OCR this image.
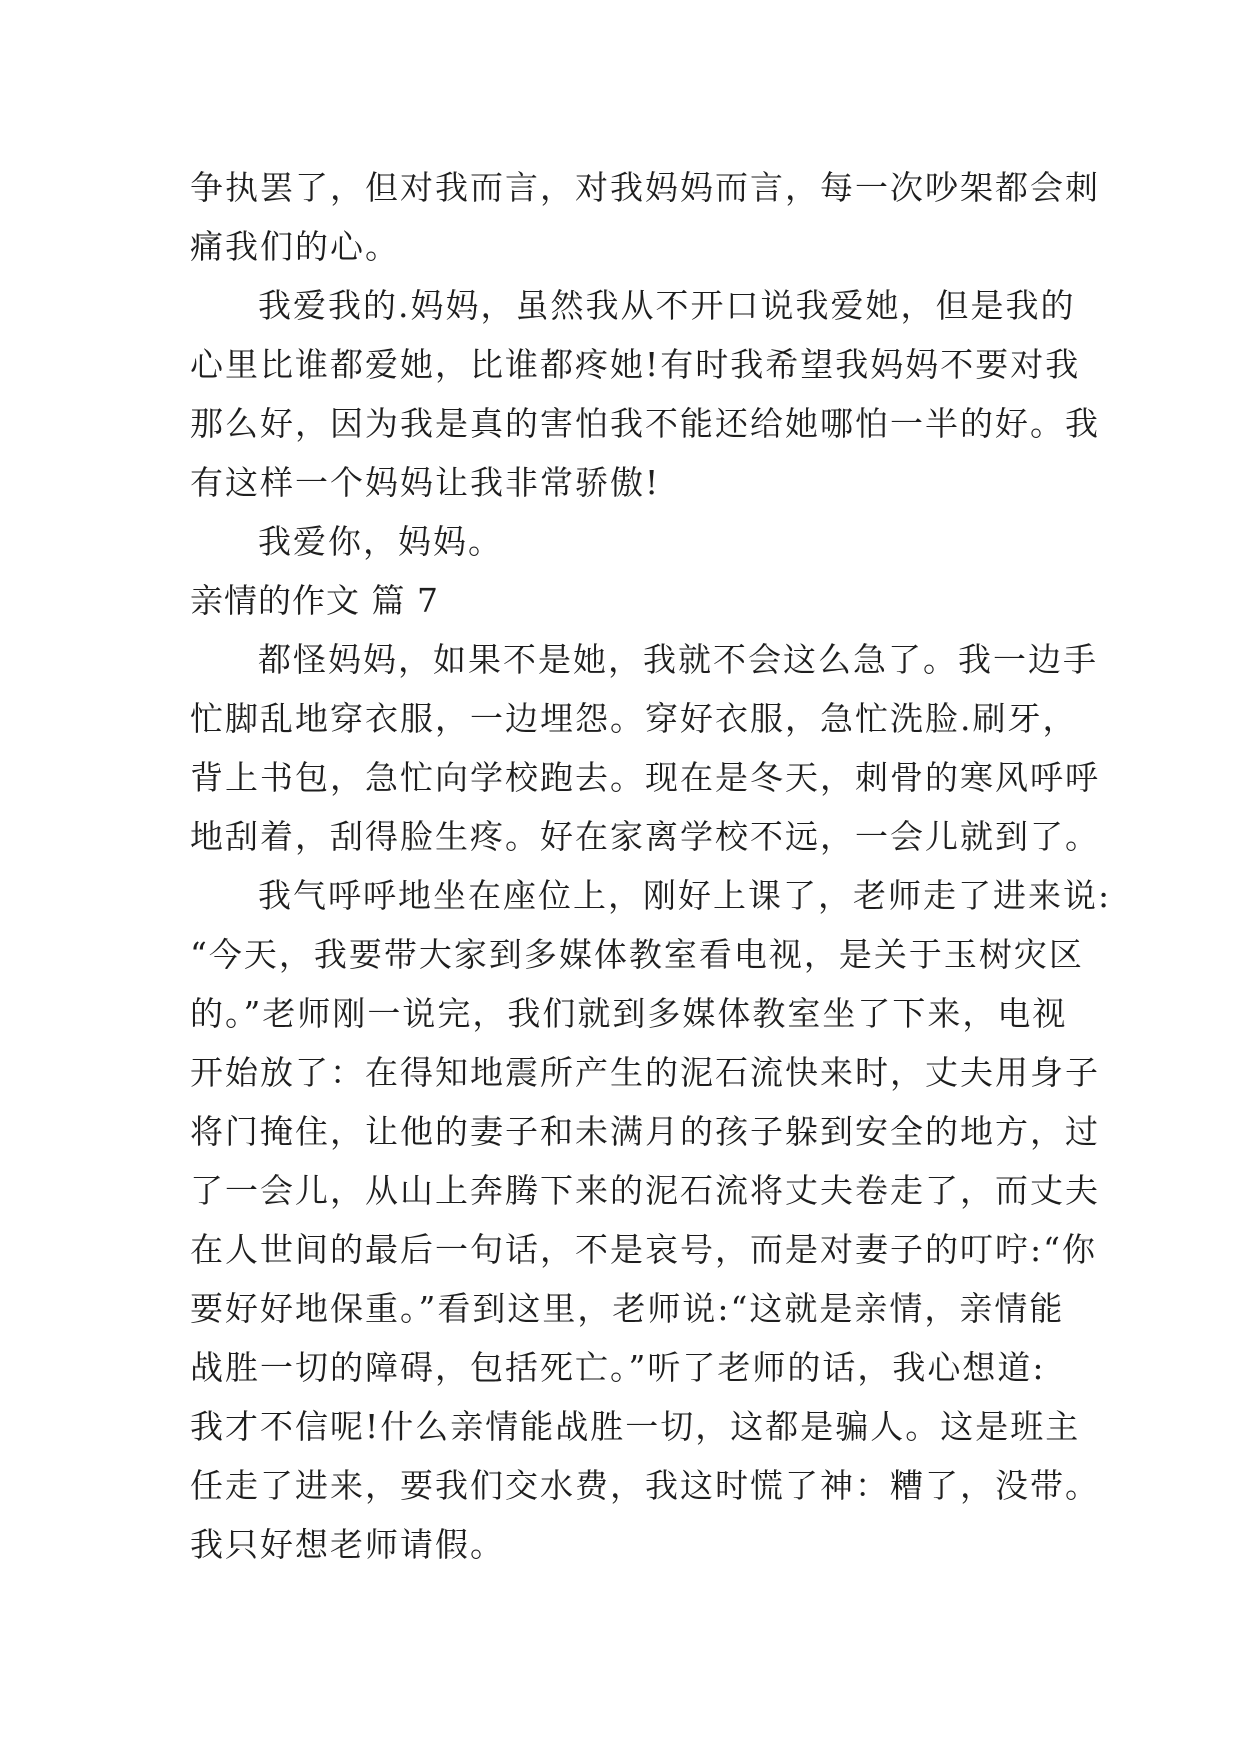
争执罢了，但对我而言，对我妈妈而言，每一次吵架都会刺
痛我们的心。
我爱我的.妈妈，虽然我从不开口说我爱她，但是我的
心里比谁都爱她，比谁都疼她!有时我希望我妈妈不要对我
那么好，因为我是真的害怕我不能还给她哪怕一半的好。我
有这样一个妈妈让我非常骄傲!
我爱你，妈妈。
亲情的作文 篇 7
都怪妈妈，如果不是她，我就不会这么急了。我一边手
忙脚乱地穿衣服，一边埋怨。穿好衣服，急忙洗脸.刷牙，
背上书包，急忙向学校跑去。现在是冬天，刺骨的寒风呼呼
地刮着，刮得脸生疼。好在家离学校不远，一会儿就到了。
我气呼呼地坐在座位上，刚好上课了，老师走了进来说:
“今天，我要带大家到多媒体教室看电视，是关于玉树灾区
的。”老师刚一说完，我们就到多媒体教室坐了下来，电视
开始放了：在得知地震所产生的泥石流快来时，丈夫用身子
将门掩住，让他的妻子和未满月的孩子躲到安全的地方，过
了一会儿，从山上奔腾下来的泥石流将丈夫卷走了，而丈夫
在人世间的最后一句话，不是哀号，而是对妻子的叮咛:“你
要好好地保重。”看到这里，老师说:“这就是亲情，亲情能
战胜一切的障碍，包括死亡。”听了老师的话，我心想道:
我才不信呢!什么亲情能战胜一切，这都是骗人。这是班主
任走了进来，要我们交水费，我这时慌了神：糟了，没带。
我只好想老师请假。
